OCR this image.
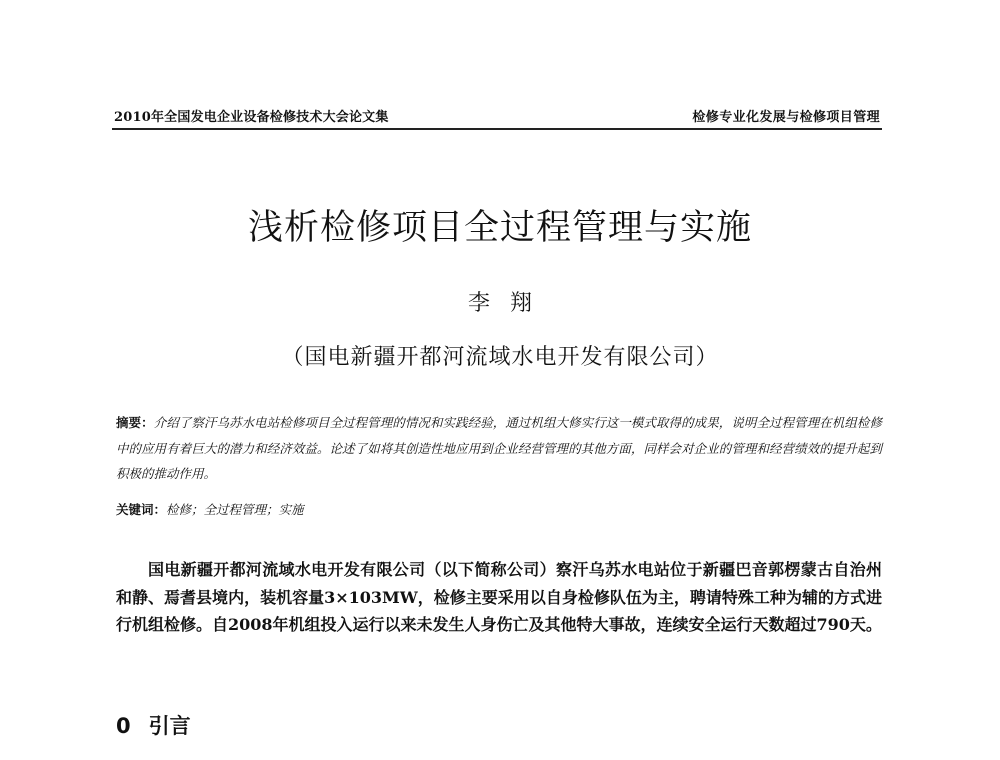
2010年全国发电企业设备检修技术大会论文集	检修专业化发展与检修项目管理
浅析检修项目全过程管理与实施
李翔
（国电新疆开都河流域水电开发有限公司）
摘要：介绍了察汗乌苏水电站检修项目全过程管理的情况和实践经验，通过机组大修实行这一模式取得的成果，说明全过程管理在机组检修中的应用有着巨大的潜力和经济效益。论述了如将其创造性地应用到企业经营管理的其他方面，同样会对企业的管理和经营绩效的提升起到积极的推动作用。
关键词：检修；全过程管理；实施
国电新疆开都河流域水电开发有限公司（以下简称公司）察汗乌苏水电站位于新疆巴音郭楞蒙古自治州和静、焉耆县境内，装机容量3×103MW，检修主要采用以自身检修队伍为主，聘请特殊工种为辅的方式进行机组检修。自2008年机组投入运行以来未发生人身伤亡及其他特大事故，连续安全运行天数超过790天。
0 引言
